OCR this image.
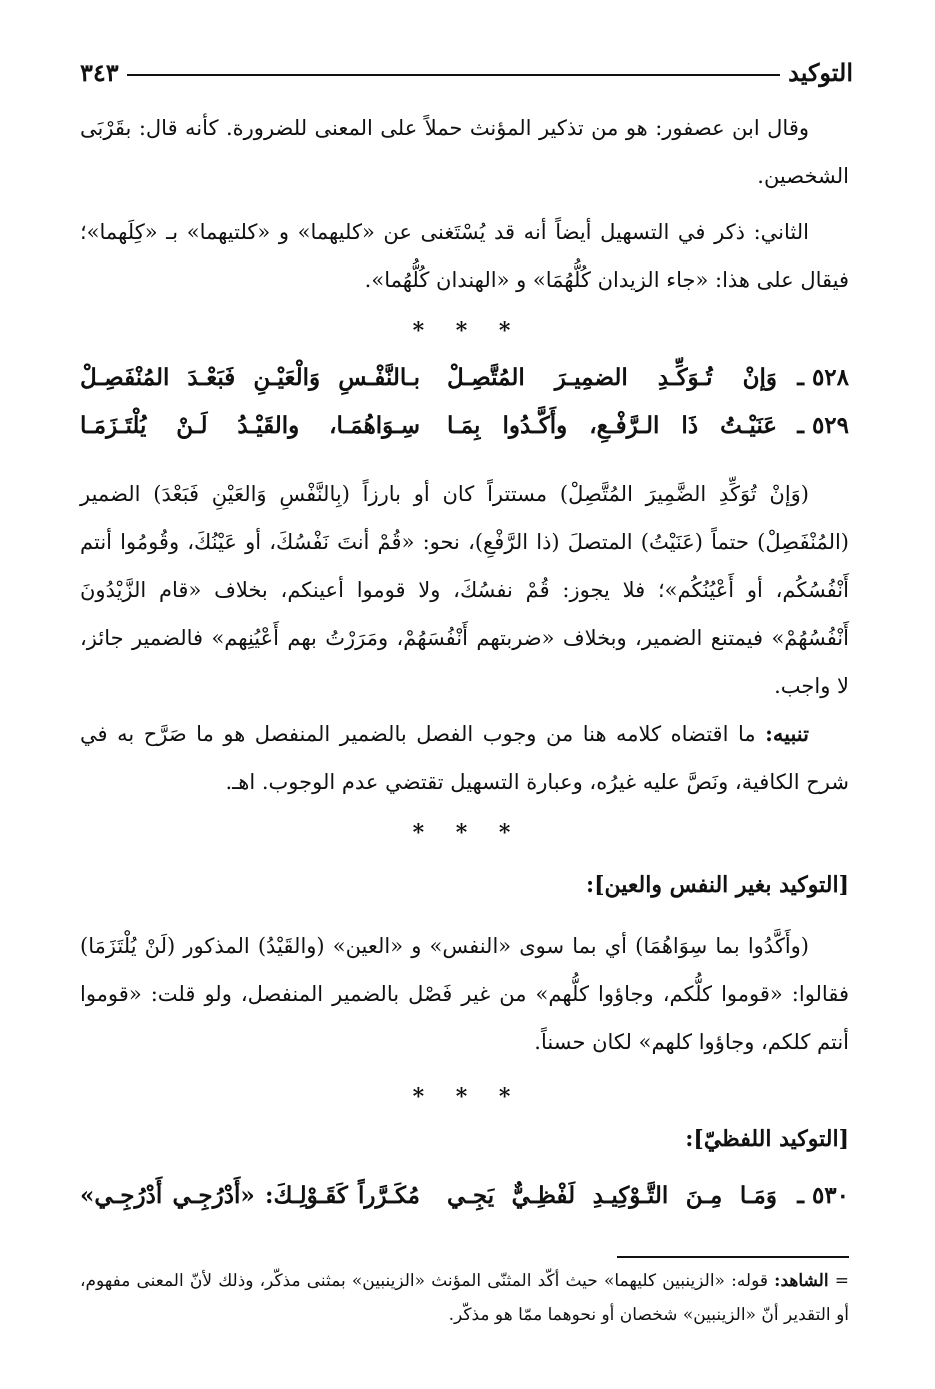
التوكيد
٣٤٣

وقال ابن عصفور: هو من تذكير المؤنث حملاً على المعنى للضرورة. كأنه قال: بقَرْبَى الشخصين.

الثاني: ذكر في التسهيل أيضاً أنه قد يُسْتَغنى عن «كليهما» و «كلتيهما» بـ «كِلَهما»؛ فيقال على هذا: «جاء الزيدان كُلُّهُمَا» و «الهندان كُلُّهُما».

* * *
٥٢٨ ـ
وَإنْ تُـوَكِّـدِ الضمِيـرَ المُتَّصِـلْ
بـالنَّفْـسِ وَالْعَيْـنِ فَبَعْـدَ المُنْفَصِـلْ
٥٢٩ ـ
عَنَيْـتُ ذَا الـرَّفْـعِ، وأَكَّـدُوا بِمَـا
سِـوَاهُمَـا، والقَيْـدُ لَـنْ يُلْتَـزَمَـا

(وَإنْ تُوَكِّدِ الضَّمِيرَ المُتَّصِلْ) مستتراً كان أو بارزاً (بِالنَّفْسِ وَالعَيْنِ فَبَعْدَ) الضمير (المُنْفَصِلْ) حتماً (عَنَيْتُ) المتصلَ (ذا الرَّفْعِ)، نحو: «قُمْ أنتَ نَفْسُكَ، أو عَيْنُكَ، وقُومُوا أنتم أَنْفُسُكُم، أو أَعْيُنُكُم»؛ فلا يجوز: قُمْ نفسُكَ، ولا قوموا أعينكم، بخلاف «قام الزَّيْدُونَ أَنْفُسُهُمْ» فيمتنع الضمير، وبخلاف «ضربتهم أَنْفُسَهُمْ، ومَرَرْتُ بهم أَعْيُنِهم» فالضمير جائز، لا واجب.

تنبيه: ما اقتضاه كلامه هنا من وجوب الفصل بالضمير المنفصل هو ما صَرَّح به في شرح الكافية، ونَصَّ عليه غيرُه، وعبارة التسهيل تقتضي عدم الوجوب. اهـ.

* * *
[التوكيد بغير النفس والعين]:

(وأَكَّدُوا بما سِوَاهُمَا) أي بما سوى «النفس» و «العين» (والقَيْدُ) المذكور (لَنْ يُلْتَزَمَا) فقالوا: «قوموا كلُّكم، وجاؤوا كلُّهم» من غير فَصْل بالضمير المنفصل، ولو قلت: «قوموا أنتم كلكم، وجاؤوا كلهم» لكان حسناً.

* * *
[التوكيد اللفظيّ]:
٥٣٠ ـ
وَمَـا مِـنَ التَّـوْكِيـدِ لَفْظِـيٌّ يَجِـي
مُكَـرَّراً كَقَـوْلِـكَ: «أَدْرُجِـي أَدْرُجِـي»
= الشاهد: قوله: «الزينبين كليهما» حيث أكّد المثنّى المؤنث «الزينبين» بمثنى مذكّر، وذلك لأنّ المعنى مفهوم، أو التقدير أنّ «الزينبين» شخصان أو نحوهما ممّا هو مذكّر.
